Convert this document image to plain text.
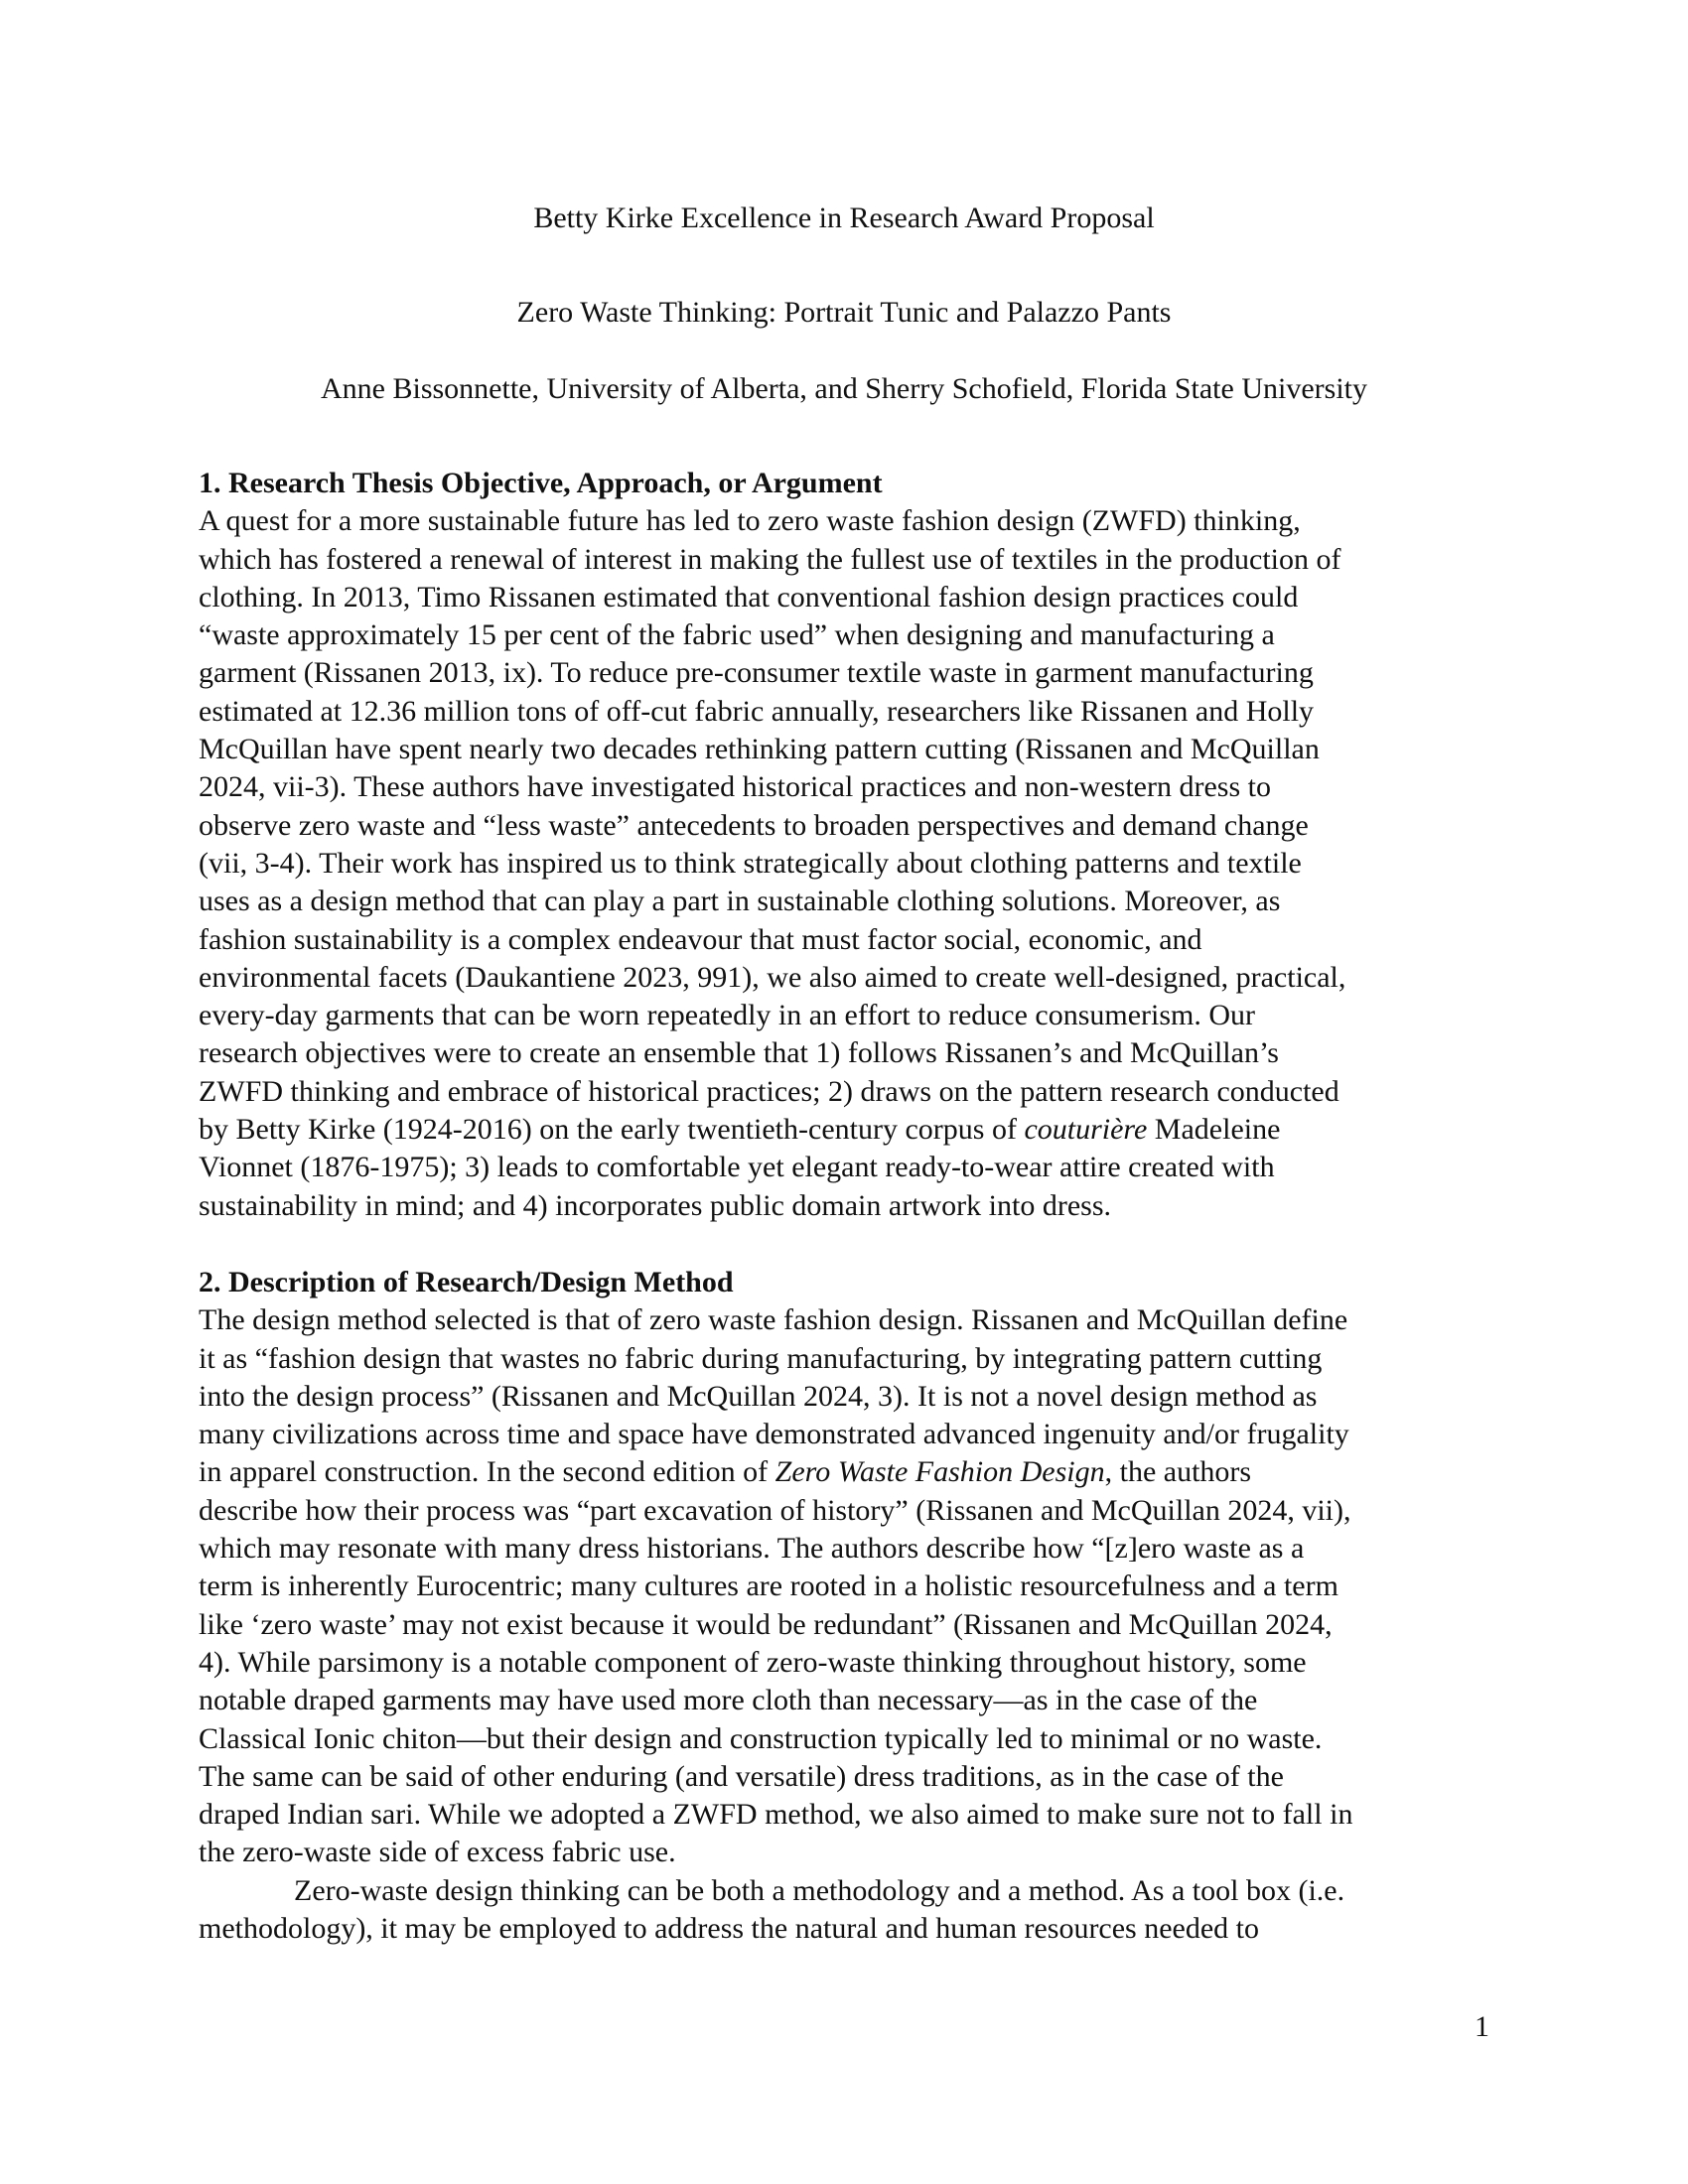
Betty Kirke Excellence in Research Award Proposal
Zero Waste Thinking: Portrait Tunic and Palazzo Pants
Anne Bissonnette, University of Alberta, and Sherry Schofield, Florida State University
1. Research Thesis Objective, Approach, or Argument
A quest for a more sustainable future has led to zero waste fashion design (ZWFD) thinking,
which has fostered a renewal of interest in making the fullest use of textiles in the production of
clothing. In 2013, Timo Rissanen estimated that conventional fashion design practices could
“waste approximately 15 per cent of the fabric used” when designing and manufacturing a
garment (Rissanen 2013, ix). To reduce pre-consumer textile waste in garment manufacturing
estimated at 12.36 million tons of off-cut fabric annually, researchers like Rissanen and Holly
McQuillan have spent nearly two decades rethinking pattern cutting (Rissanen and McQuillan
2024, vii-3). These authors have investigated historical practices and non-western dress to
observe zero waste and “less waste” antecedents to broaden perspectives and demand change
(vii, 3-4). Their work has inspired us to think strategically about clothing patterns and textile
uses as a design method that can play a part in sustainable clothing solutions. Moreover, as
fashion sustainability is a complex endeavour that must factor social, economic, and
environmental facets (Daukantiene 2023, 991), we also aimed to create well-designed, practical,
every-day garments that can be worn repeatedly in an effort to reduce consumerism. Our
research objectives were to create an ensemble that 1) follows Rissanen’s and McQuillan’s
ZWFD thinking and embrace of historical practices; 2) draws on the pattern research conducted
by Betty Kirke (1924-2016) on the early twentieth-century corpus of couturière Madeleine
Vionnet (1876-1975); 3) leads to comfortable yet elegant ready-to-wear attire created with
sustainability in mind; and 4) incorporates public domain artwork into dress.
2. Description of Research/Design Method
The design method selected is that of zero waste fashion design. Rissanen and McQuillan define
it as “fashion design that wastes no fabric during manufacturing, by integrating pattern cutting
into the design process” (Rissanen and McQuillan 2024, 3). It is not a novel design method as
many civilizations across time and space have demonstrated advanced ingenuity and/or frugality
in apparel construction. In the second edition of Zero Waste Fashion Design, the authors
describe how their process was “part excavation of history” (Rissanen and McQuillan 2024, vii),
which may resonate with many dress historians. The authors describe how “[z]ero waste as a
term is inherently Eurocentric; many cultures are rooted in a holistic resourcefulness and a term
like ‘zero waste’ may not exist because it would be redundant” (Rissanen and McQuillan 2024,
4). While parsimony is a notable component of zero-waste thinking throughout history, some
notable draped garments may have used more cloth than necessary—as in the case of the
Classical Ionic chiton—but their design and construction typically led to minimal or no waste.
The same can be said of other enduring (and versatile) dress traditions, as in the case of the
draped Indian sari. While we adopted a ZWFD method, we also aimed to make sure not to fall in
the zero-waste side of excess fabric use.
Zero-waste design thinking can be both a methodology and a method. As a tool box (i.e.
methodology), it may be employed to address the natural and human resources needed to
1
